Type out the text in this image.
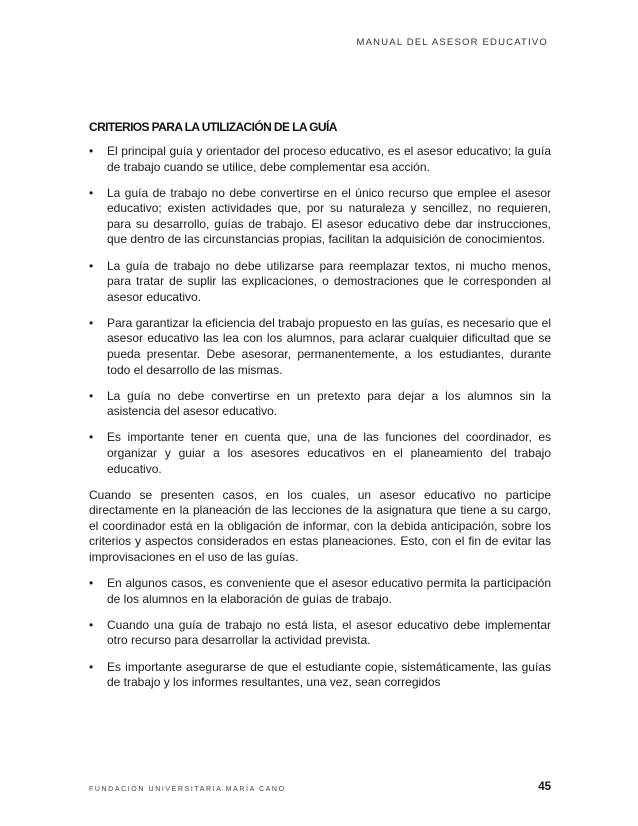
MANUAL DEL ASESOR EDUCATIVO
CRITERIOS PARA LA UTILIZACIÓN DE LA GUÍA
• El principal guía y orientador del proceso educativo, es el asesor educativo; la guía de trabajo cuando se utilice, debe complementar esa acción.
• La guía de trabajo no debe convertirse en el único recurso que emplee el asesor educativo; existen actividades que, por su naturaleza y sencillez, no requieren, para su desarrollo, guías de trabajo. El asesor educativo debe dar instrucciones, que dentro de las circunstancias propias, facilitan la adquisición de conocimientos.
• La guía de trabajo no debe utilizarse para reemplazar textos, ni mucho menos, para tratar de suplir las explicaciones, o demostraciones que le corresponden al asesor educativo.
• Para garantizar la eficiencia del trabajo propuesto en las guías, es necesario que el asesor educativo las lea con los alumnos, para aclarar cualquier dificultad que se pueda presentar. Debe asesorar, permanentemente, a los estudiantes, durante todo el desarrollo de las mismas.
• La guía no debe convertirse en un pretexto para dejar a los alumnos sin la asistencia del asesor educativo.
• Es importante tener en cuenta que, una de las funciones del coordinador, es organizar y guiar a los asesores educativos en el planeamiento del trabajo educativo.

Cuando se presenten casos, en los cuales, un asesor educativo no participe directamente en la planeación de las lecciones de la asignatura que tiene a su cargo, el coordinador está en la obligación de informar, con la debida anticipación, sobre los criterios y aspectos considerados en estas planeaciones. Esto, con el fin de evitar las improvisaciones en el uso de las guías.

• En algunos casos, es conveniente que el asesor educativo permita la participación de los alumnos en la elaboración de guías de trabajo.
• Cuando una guía de trabajo no está lista, el asesor educativo debe implementar otro recurso para desarrollar la actividad prevista.
• Es importante asegurarse de que el estudiante copie, sistemáticamente, las guías de trabajo y los informes resultantes, una vez, sean corregidos
FUNDACIÓN UNIVERSITARIA MARÍA CANO	45
